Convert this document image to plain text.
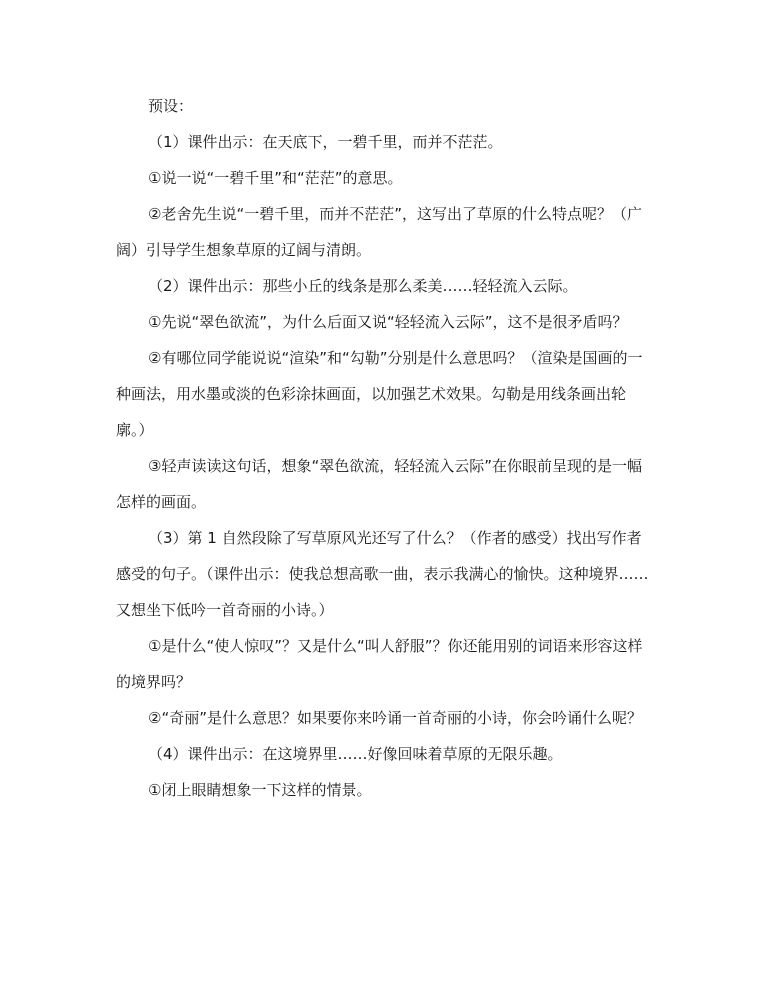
预设：

（1）课件出示：在天底下，一碧千里，而并不茫茫。

①说一说“一碧千里”和“茫茫”的意思。

②老舍先生说“一碧千里，而并不茫茫”，这写出了草原的什么特点呢？（广阔）引导学生想象草原的辽阔与清朗。

（2）课件出示：那些小丘的线条是那么柔美……轻轻流入云际。

①先说“翠色欲流”，为什么后面又说“轻轻流入云际”，这不是很矛盾吗？

②有哪位同学能说说“渲染”和“勾勒”分别是什么意思吗？（渲染是国画的一种画法，用水墨或淡的色彩涂抹画面，以加强艺术效果。勾勒是用线条画出轮廓。）

③轻声读读这句话，想象“翠色欲流，轻轻流入云际”在你眼前呈现的是一幅怎样的画面。

（3）第 1 自然段除了写草原风光还写了什么？（作者的感受）找出写作者感受的句子。（课件出示：使我总想高歌一曲，表示我满心的愉快。这种境界……又想坐下低吟一首奇丽的小诗。）

①是什么“使人惊叹”？又是什么“叫人舒服”？你还能用别的词语来形容这样的境界吗？

②“奇丽”是什么意思？如果要你来吟诵一首奇丽的小诗，你会吟诵什么呢？

（4）课件出示：在这境界里……好像回味着草原的无限乐趣。

①闭上眼睛想象一下这样的情景。
